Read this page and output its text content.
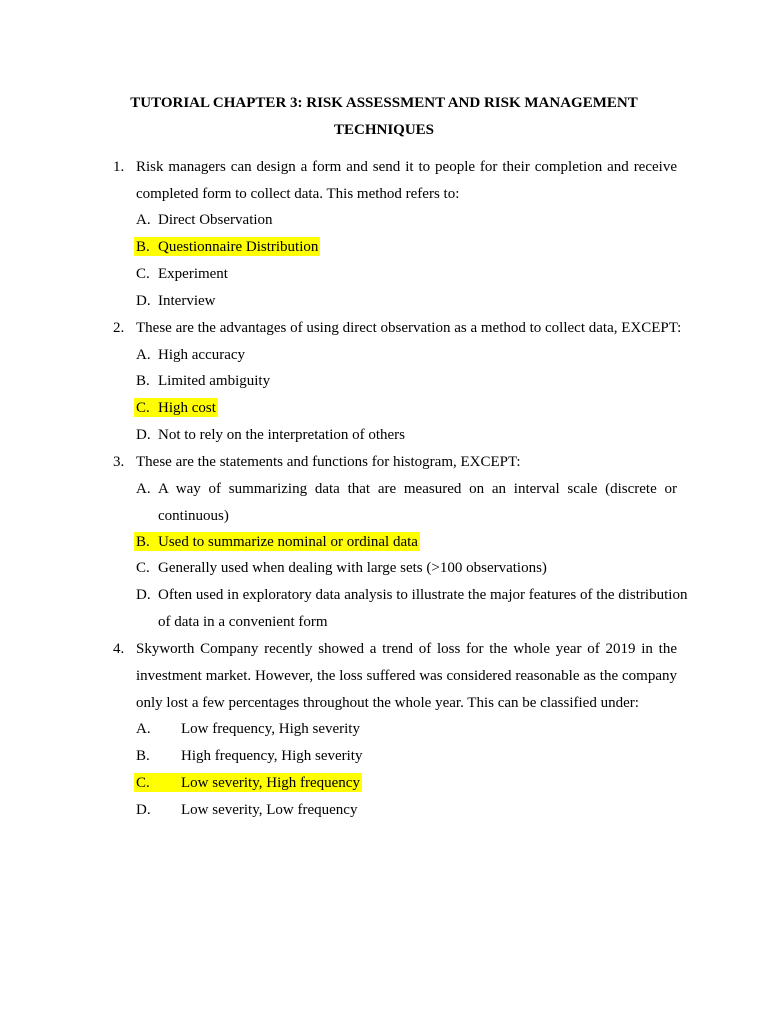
TUTORIAL CHAPTER 3: RISK ASSESSMENT AND RISK MANAGEMENT
TECHNIQUES
1. Risk managers can design a form and send it to people for their completion and receive
completed form to collect data. This method refers to:
A. Direct Observation
B. Questionnaire Distribution
C. Experiment
D. Interview
2. These are the advantages of using direct observation as a method to collect data, EXCEPT:
A. High accuracy
B. Limited ambiguity
C. High cost
D. Not to rely on the interpretation of others
3. These are the statements and functions for histogram, EXCEPT:
A. A way of summarizing data that are measured on an interval scale (discrete or
continuous)
B. Used to summarize nominal or ordinal data
C. Generally used when dealing with large sets (>100 observations)
D. Often used in exploratory data analysis to illustrate the major features of the distribution
of data in a convenient form
4. Skyworth Company recently showed a trend of loss for the whole year of 2019 in the
investment market. However, the loss suffered was considered reasonable as the company
only lost a few percentages throughout the whole year. This can be classified under:
A. Low frequency, High severity
B. High frequency, High severity
C. Low severity, High frequency
D. Low severity, Low frequency
